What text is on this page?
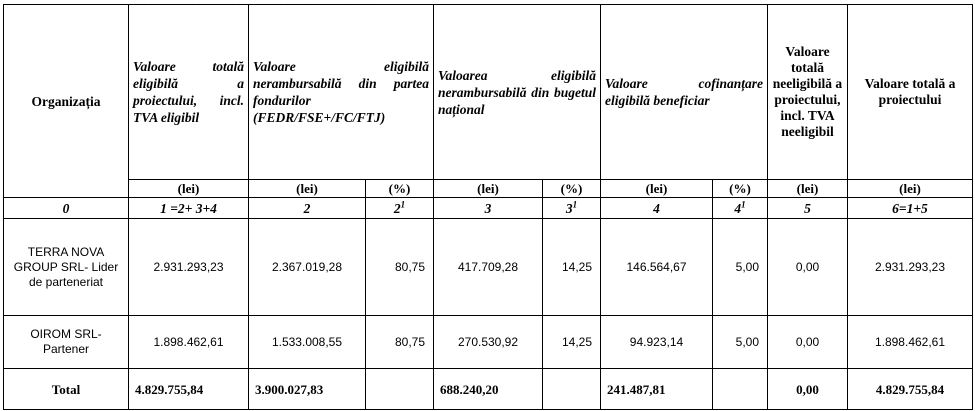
Organizația	Valoare totală eligibilă a proiectului, incl. TVA eligibil	Valoare eligibilă nerambursabilă din partea fondurilor (FEDR/FSE+/FC/FTJ)		Valoarea eligibilă nerambursabilă din bugetul național		Valoare cofinanțare eligibilă beneficiar		Valoare totală neeligibilă a proiectului, incl. TVA neeligibil	Valoare totală a proiectului
	(lei)	(lei)	(%)	(lei)	(%)	(lei)	(%)	(lei)	(lei)
0	1 =2+ 3+4	2	$2^1$	3	$3^1$	4	$4^1$	5	6=1+5
TERRA NOVA GROUP SRL- Lider de parteneriat	2.931.293,23	2.367.019,28	80,75	417.709,28	14,25	146.564,67	5,00	0,00	2.931.293,23
OIROM SRL- Partener	1.898.462,61	1.533.008,55	80,75	270.530,92	14,25	94.923,14	5,00	0,00	1.898.462,61
Total	4.829.755,84	3.900.027,83		688.240,20		241.487,81		0,00	4.829.755,84
